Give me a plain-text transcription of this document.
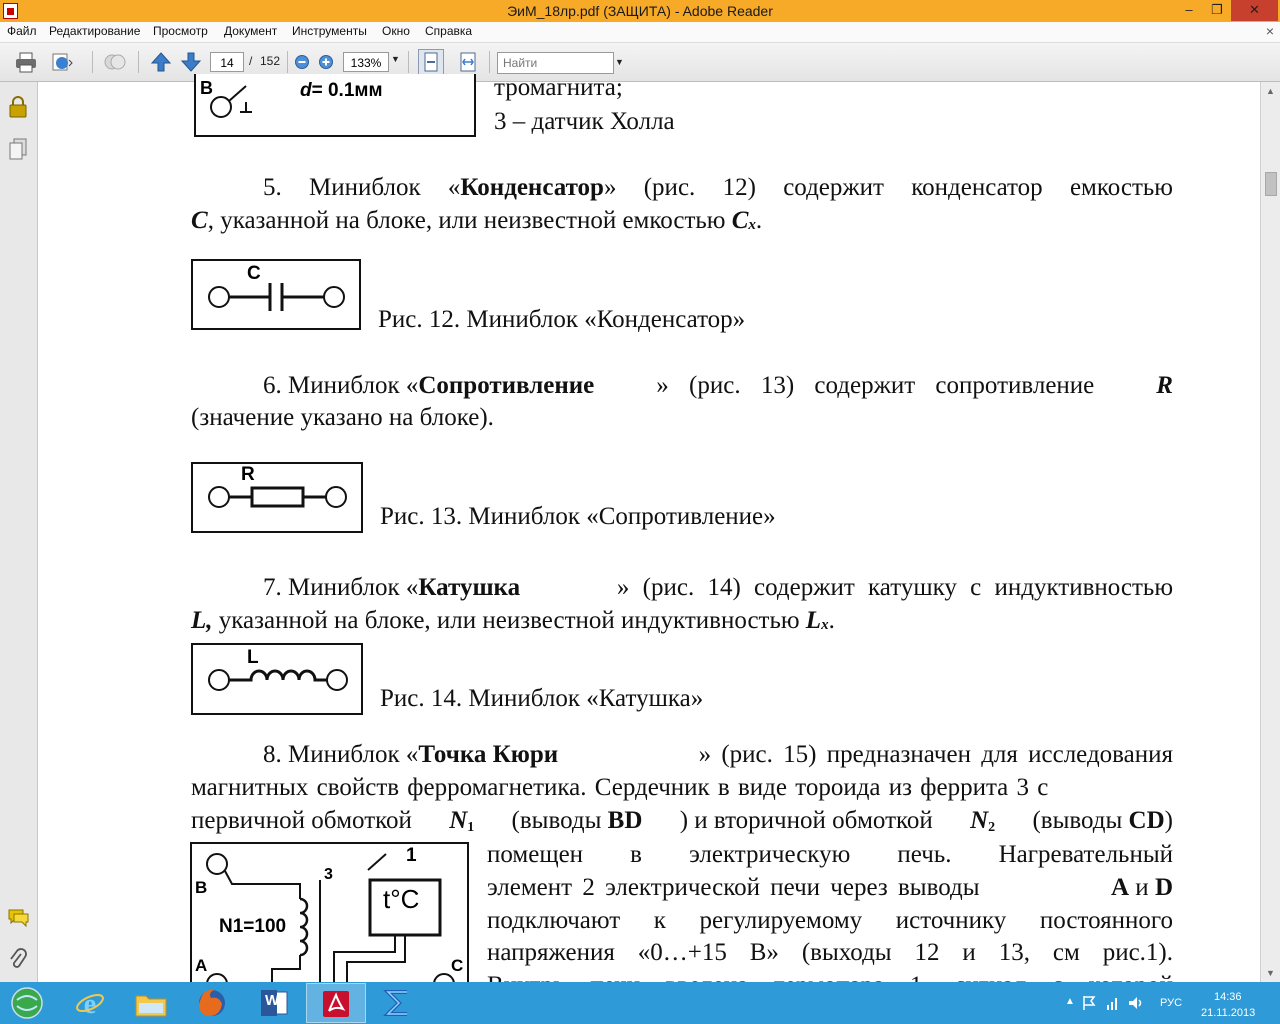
ЭиМ_18лр.pdf (ЗАЩИТА) - Adobe Reader	–	❐	✕
Файл Редактирование Просмотр Документ Инструменты Окно Справка	×
14	/ 152	133%	▼	Найти	▼
B	d= 0.1мм	тромагнита;
3 – датчик Холла
5. Миниблок «Конденсатор» (рис. 12) содержит конденсатор емкостью
C, указанной на блоке, или неизвестной емкостью Cx.
C
Рис. 12. Миниблок «Конденсатор»
6. Миниблок «Сопротивление » (рис. 13) содержит сопротивление R
(значение указано на блоке).
R
Рис. 13. Миниблок «Сопротивление»
7. Миниблок «Катушка	» (рис. 14) содержит катушку с индуктивностью
L, указанной на блоке, или неизвестной индуктивностью Lx.
L
Рис. 14. Миниблок «Катушка»
8. Миниблок «Точка Кюри	» (рис. 15) предназначен для исследования
магнитных свойств ферромагнетика. Сердечник в виде тороида из феррита 3 с
первичной обмоткой N1 (выводы BD ) и вторичной обмоткой N2 (выводы CD)
помещен в электрическую печь. Нагревательный
элемент 2 электрической печи через выводы	A и D
подключают к регулируемому источнику постоянного
напряжения «0…+15 В» (выходы 12 и 13, см рис.1).
B
N1=100
3
1
t°C
A	C
▲
▼
e	W	▲	РУС	14:36
21.11.2013
